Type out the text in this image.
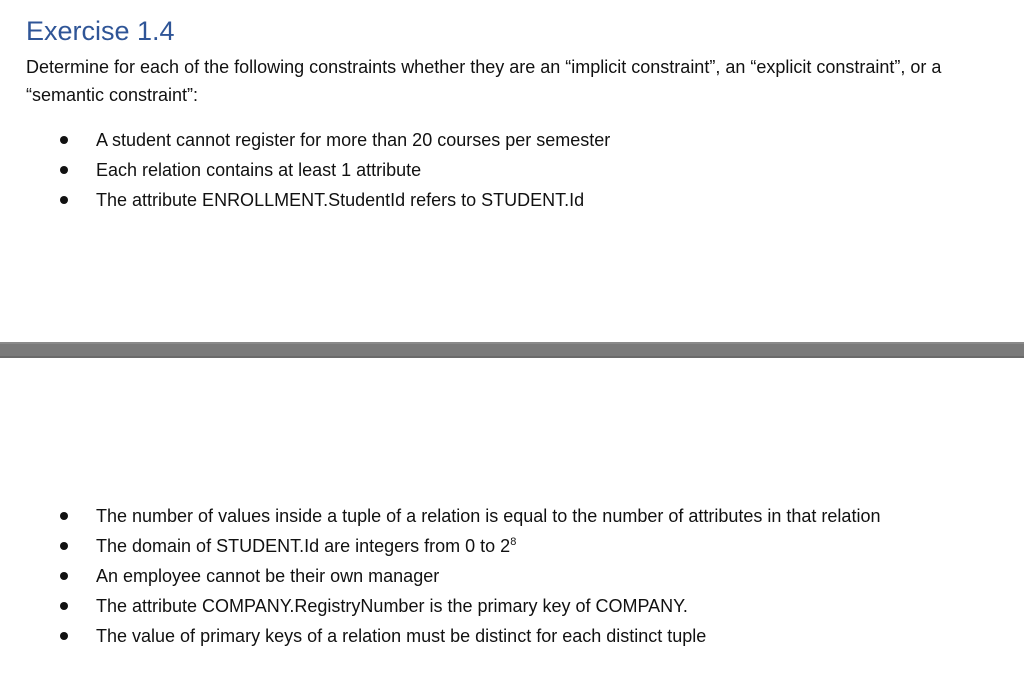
Exercise 1.4

Determine for each of the following constraints whether they are an “implicit constraint”, an “explicit constraint”, or a “semantic constraint”:

A student cannot register for more than 20 courses per semester
Each relation contains at least 1 attribute
The attribute ENROLLMENT.StudentId refers to STUDENT.Id
The number of values inside a tuple of a relation is equal to the number of attributes in that relation
The domain of STUDENT.Id are integers from 0 to $2^8$
An employee cannot be their own manager
The attribute COMPANY.RegistryNumber is the primary key of COMPANY.
The value of primary keys of a relation must be distinct for each distinct tuple
